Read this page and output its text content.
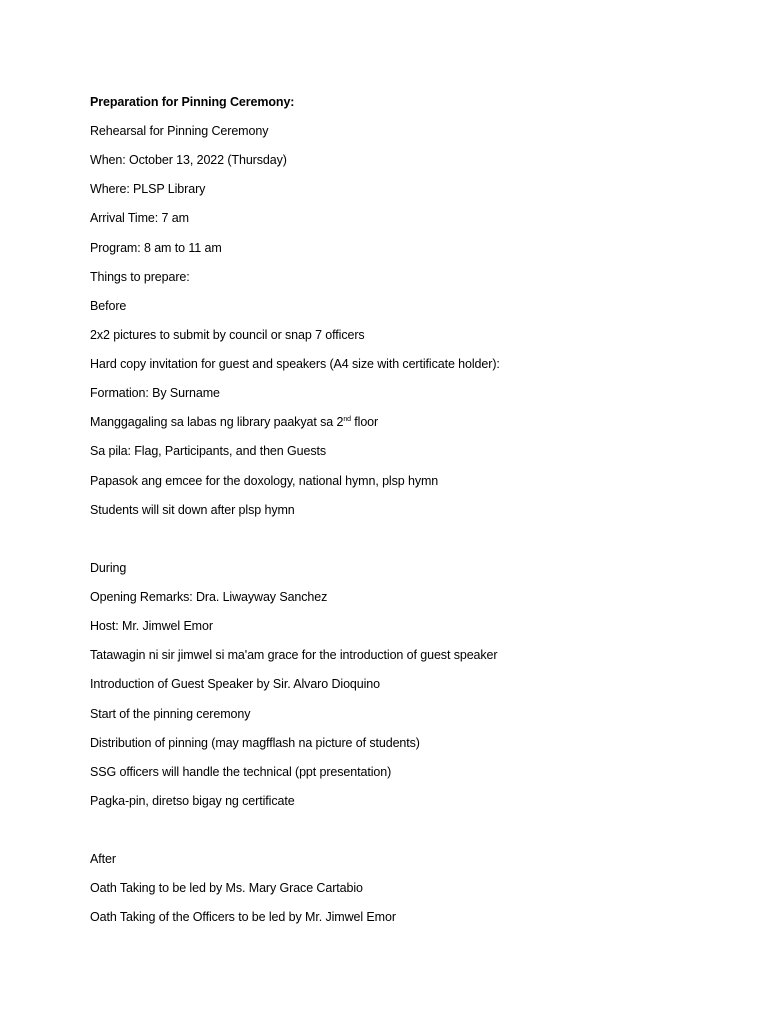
Preparation for Pinning Ceremony:
Rehearsal for Pinning Ceremony
When: October 13, 2022 (Thursday)
Where: PLSP Library
Arrival Time: 7 am
Program: 8 am to 11 am
Things to prepare:
Before
2x2 pictures to submit by council or snap 7 officers
Hard copy invitation for guest and speakers (A4 size with certificate holder):
Formation: By Surname
Manggagaling sa labas ng library paakyat sa 2nd floor
Sa pila: Flag, Participants, and then Guests
Papasok ang emcee for the doxology, national hymn, plsp hymn
Students will sit down after plsp hymn
During
Opening Remarks: Dra. Liwayway Sanchez
Host: Mr. Jimwel Emor
Tatawagin ni sir jimwel si ma'am grace for the introduction of guest speaker
Introduction of Guest Speaker by Sir. Alvaro Dioquino
Start of the pinning ceremony
Distribution of pinning (may magfflash na picture of students)
SSG officers will handle the technical (ppt presentation)
Pagka-pin, diretso bigay ng certificate
After
Oath Taking to be led by Ms. Mary Grace Cartabio
Oath Taking of the Officers to be led by Mr. Jimwel Emor
